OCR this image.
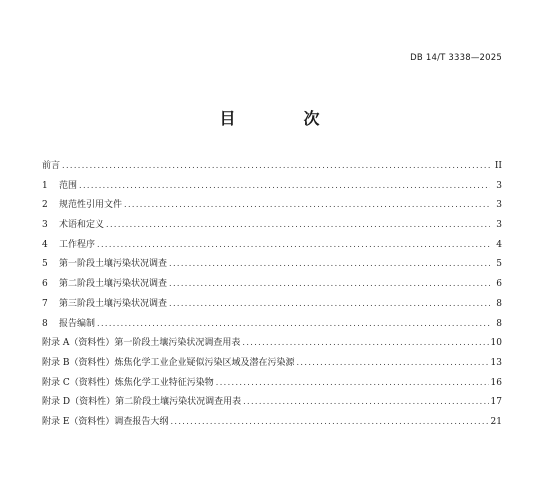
DB 14/T 3338—2025
目　次
前言 .....	II
1	范围 .....	3
2	规范性引用文件 .....	3
3	术语和定义 .....	3
4	工作程序 .....	4
5	第一阶段土壤污染状况调查 .....	5
6	第二阶段土壤污染状况调查 .....	6
7	第三阶段土壤污染状况调查 .....	8
8	报告编制 .....	8
附录 A（资料性）第一阶段土壤污染状况调查用表 .....	10
附录 B（资料性）炼焦化学工业企业疑似污染区域及潜在污染源 .....	13
附录 C（资料性）炼焦化学工业特征污染物 .....	16
附录 D（资料性）第二阶段土壤污染状况调查用表 .....	17
附录 E（资料性）调查报告大纲 .....	21
